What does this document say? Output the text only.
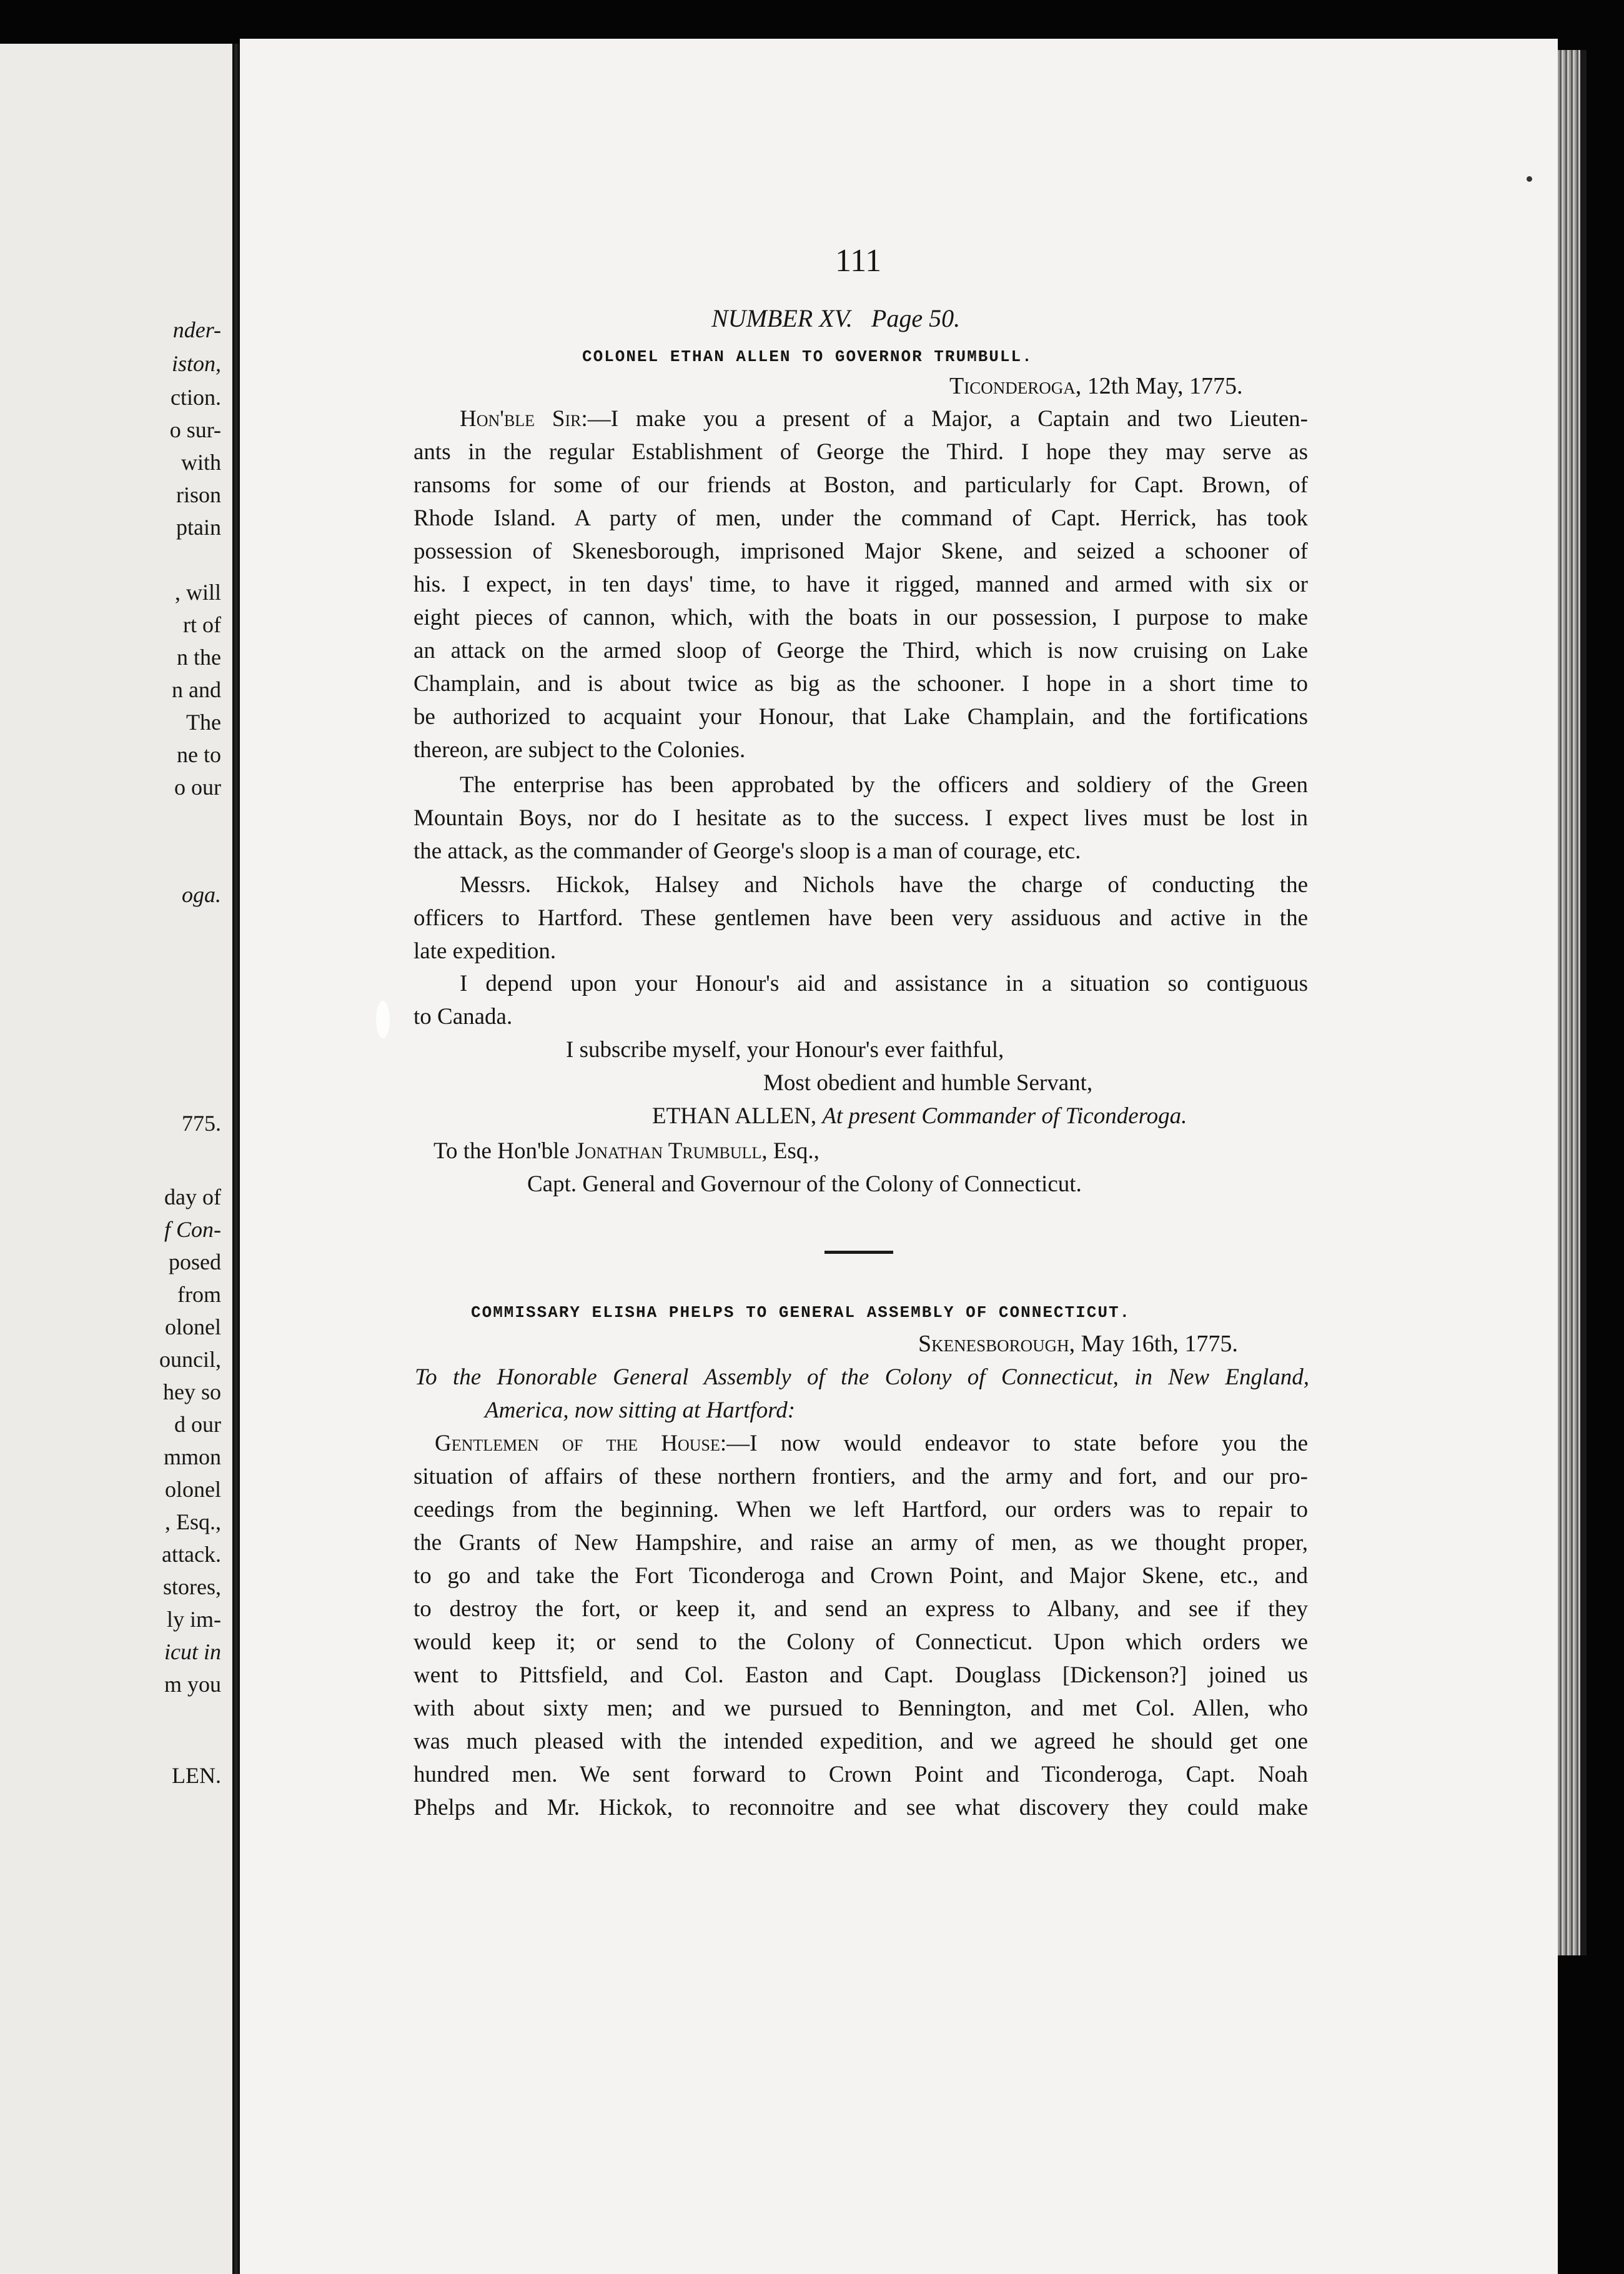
nder-
iston,
ction.
o sur-
with
rison
ptain
, will
rt of
n the
n and
The
ne to
o our
oga.
775.
day of
f Con-
posed
from
olonel
ouncil,
hey so
d our
mmon
olonel
, Esq.,
attack.
stores,
ly im-
icut in
m you
LEN.
111
NUMBER XV. Page 50.
COLONEL ETHAN ALLEN TO GOVERNOR TRUMBULL.
Ticonderoga, 12th May, 1775.
Hon'ble Sir:—I make you a present of a Major, a Captain and two Lieuten-
ants in the regular Establishment of George the Third. I hope they may serve as
ransoms for some of our friends at Boston, and particularly for Capt. Brown, of
Rhode Island. A party of men, under the command of Capt. Herrick, has took
possession of Skenesborough, imprisoned Major Skene, and seized a schooner of
his. I expect, in ten days' time, to have it rigged, manned and armed with six or
eight pieces of cannon, which, with the boats in our possession, I purpose to make
an attack on the armed sloop of George the Third, which is now cruising on Lake
Champlain, and is about twice as big as the schooner. I hope in a short time to
be authorized to acquaint your Honour, that Lake Champlain, and the fortifications
thereon, are subject to the Colonies.
The enterprise has been approbated by the officers and soldiery of the Green
Mountain Boys, nor do I hesitate as to the success. I expect lives must be lost in
the attack, as the commander of George's sloop is a man of courage, etc.
Messrs. Hickok, Halsey and Nichols have the charge of conducting the
officers to Hartford. These gentlemen have been very assiduous and active in the
late expedition.
I depend upon your Honour's aid and assistance in a situation so contiguous
to Canada.
I subscribe myself, your Honour's ever faithful,
Most obedient and humble Servant,
ETHAN ALLEN, At present Commander of Ticonderoga.
To the Hon'ble Jonathan Trumbull, Esq.,
Capt. General and Governour of the Colony of Connecticut.
COMMISSARY ELISHA PHELPS TO GENERAL ASSEMBLY OF CONNECTICUT.
Skenesborough, May 16th, 1775.
To the Honorable General Assembly of the Colony of Connecticut, in New England,
America, now sitting at Hartford:
Gentlemen of the House:—I now would endeavor to state before you the
situation of affairs of these northern frontiers, and the army and fort, and our pro-
ceedings from the beginning. When we left Hartford, our orders was to repair to
the Grants of New Hampshire, and raise an army of men, as we thought proper,
to go and take the Fort Ticonderoga and Crown Point, and Major Skene, etc., and
to destroy the fort, or keep it, and send an express to Albany, and see if they
would keep it; or send to the Colony of Connecticut. Upon which orders we
went to Pittsfield, and Col. Easton and Capt. Douglass [Dickenson?] joined us
with about sixty men; and we pursued to Bennington, and met Col. Allen, who
was much pleased with the intended expedition, and we agreed he should get one
hundred men. We sent forward to Crown Point and Ticonderoga, Capt. Noah
Phelps and Mr. Hickok, to reconnoitre and see what discovery they could make
